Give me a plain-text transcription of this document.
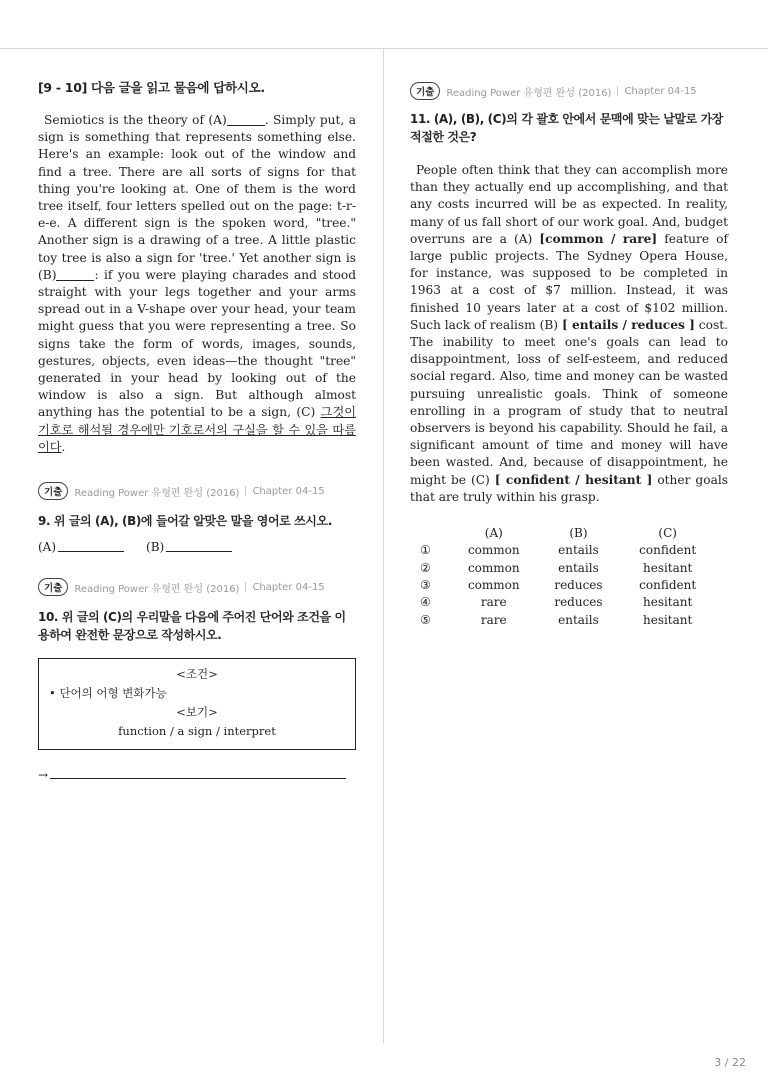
[9 - 10] 다음 글을 읽고 물음에 답하시오.

Semiotics is the theory of (A)	. Simply put, a sign is something that represents something else. Here's an example: look out of the window and find a tree. There are all sorts of signs for that thing you're looking at. One of them is the word tree itself, four letters spelled out on the page: t-r-e-e. A different sign is the spoken word, "tree." Another sign is a drawing of a tree. A little plastic toy tree is also a sign for 'tree.' Yet another sign is (B)	: if you were playing charades and stood straight with your legs together and your arms spread out in a V-shape over your head, your team might guess that you were representing a tree. So signs take the form of words, images, sounds, gestures, objects, even ideas—the thought "tree" generated in your head by looking out of the window is also a sign. But although almost anything has the potential to be a sign, (C) 그것이 기호로 해석될 경우에만 기호로서의 구실을 할 수 있을 따름이다.

기출	Reading Power 유형편 완성 (2016) Chapter 04-15

9. 위 글의 (A), (B)에 들어갈 알맞은 말을 영어로 쓰시오.

(A)	(B)
기출	Reading Power 유형편 완성 (2016) Chapter 04-15

10. 위 글의 (C)의 우리말을 다음에 주어진 단어와 조건을 이용하여 완전한 문장으로 작성하시오.

<조건>
• 단어의 어형 변화가능
<보기>
function / a sign / interpret
→
기출	Reading Power 유형편 완성 (2016) Chapter 04-15

11. (A), (B), (C)의 각 괄호 안에서 문맥에 맞는 낱말로 가장 적절한 것은?

People often think that they can accomplish more than they actually end up accomplishing, and that any costs incurred will be as expected. In reality, many of us fall short of our work goal. And, budget overruns are a (A) [common / rare] feature of large public projects. The Sydney Opera House, for instance, was supposed to be completed in 1963 at a cost of $7 million. Instead, it was finished 10 years later at a cost of $102 million. Such lack of realism (B) [ entails / reduces ] cost. The inability to meet one's goals can lead to disappointment, loss of self-esteem, and reduced social regard. Also, time and money can be wasted pursuing unrealistic goals. Think of someone enrolling in a program of study that to neutral observers is beyond his capability. Should he fail, a significant amount of time and money will have been wasted. And, because of disappointment, he might be (C) [ confident / hesitant ] other goals that are truly within his grasp.

	(A)	(B)	(C)
①	common	entails	confident
②	common	entails	hesitant
③	common	reduces	confident
④	rare	reduces	hesitant
⑤	rare	entails	hesitant
3 / 22
